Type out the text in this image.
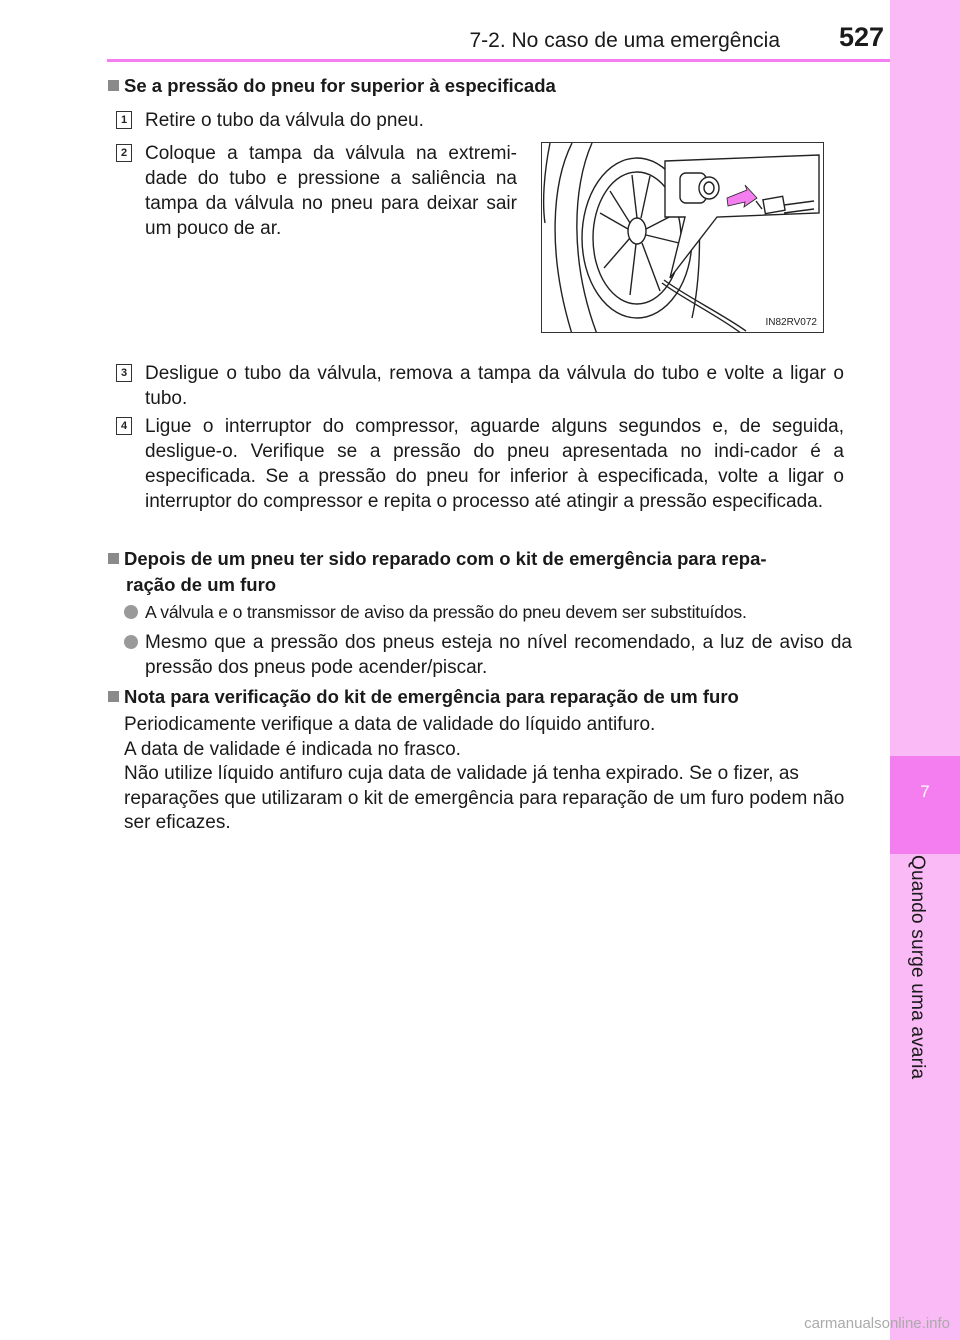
7
Quando surge uma avaria
7-2. No caso de uma emergência 527
Se a pressão do pneu for superior à especificada
1 Retire o tubo da válvula do pneu.
2 Coloque a tampa da válvula na extremi-dade do tubo e pressione a saliência na tampa da válvula no pneu para deixar sair um pouco de ar.
IN82RV072
3 Desligue o tubo da válvula, remova a tampa da válvula do tubo e volte a ligar o tubo.
4 Ligue o interruptor do compressor, aguarde alguns segundos e, de seguida, desligue-o. Verifique se a pressão do pneu apresentada no indi-cador é a especificada. Se a pressão do pneu for inferior à especificada, volte a ligar o interruptor do compressor e repita o processo até atingir a pressão especificada.
Depois de um pneu ter sido reparado com o kit de emergência para repa-
ração de um furo
A válvula e o transmissor de aviso da pressão do pneu devem ser substituídos.
Mesmo que a pressão dos pneus esteja no nível recomendado, a luz de aviso da pressão dos pneus pode acender/piscar.
Nota para verificação do kit de emergência para reparação de um furo
Periodicamente verifique a data de validade do líquido antifuro.
A data de validade é indicada no frasco.
Não utilize líquido antifuro cuja data de validade já tenha expirado. Se o fizer, as reparações que utilizaram o kit de emergência para reparação de um furo podem não ser eficazes.
carmanualsonline.info
